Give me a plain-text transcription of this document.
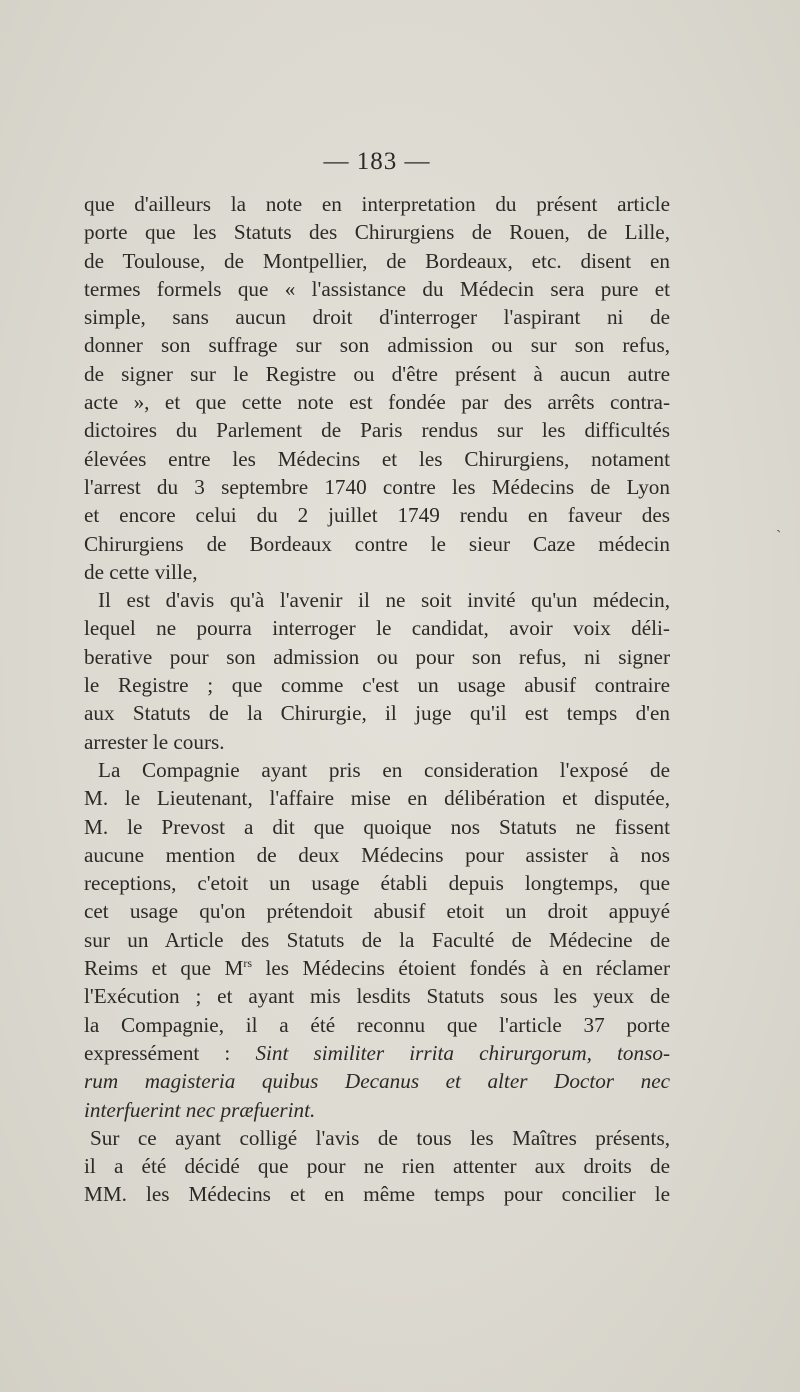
— 183 —
que d'ailleurs la note en interpretation du présent article
porte que les Statuts des Chirurgiens de Rouen, de Lille,
de Toulouse, de Montpellier, de Bordeaux, etc. disent en
termes formels que « l'assistance du Médecin sera pure et
simple, sans aucun droit d'interroger l'aspirant ni de
donner son suffrage sur son admission ou sur son refus,
de signer sur le Registre ou d'être présent à aucun autre
acte », et que cette note est fondée par des arrêts contra-
dictoires du Parlement de Paris rendus sur les difficultés
élevées entre les Médecins et les Chirurgiens, notament
l'arrest du 3 septembre 1740 contre les Médecins de Lyon
et encore celui du 2 juillet 1749 rendu en faveur des
Chirurgiens de Bordeaux contre le sieur Caze médecin
de cette ville,
Il est d'avis qu'à l'avenir il ne soit invité qu'un médecin,
lequel ne pourra interroger le candidat, avoir voix déli-
berative pour son admission ou pour son refus, ni signer
le Registre ; que comme c'est un usage abusif contraire
aux Statuts de la Chirurgie, il juge qu'il est temps d'en
arrester le cours.
La Compagnie ayant pris en consideration l'exposé de
M. le Lieutenant, l'affaire mise en délibération et disputée,
M. le Prevost a dit que quoique nos Statuts ne fissent
aucune mention de deux Médecins pour assister à nos
receptions, c'etoit un usage établi depuis longtemps, que
cet usage qu'on prétendoit abusif etoit un droit appuyé
sur un Article des Statuts de la Faculté de Médecine de
Reims et que $M^{rs}$ les Médecins étoient fondés à en réclamer
l'Exécution ; et ayant mis lesdits Statuts sous les yeux de
la Compagnie, il a été reconnu que l'article 37 porte
expressément : Sint similiter irrita chirurgorum, tonso-
rum magisteria quibus Decanus et alter Doctor nec
interfuerint nec præfuerint.
Sur ce ayant colligé l'avis de tous les Maîtres présents,
il a été décidé que pour ne rien attenter aux droits de
MM. les Médecins et en même temps pour concilier le
`
